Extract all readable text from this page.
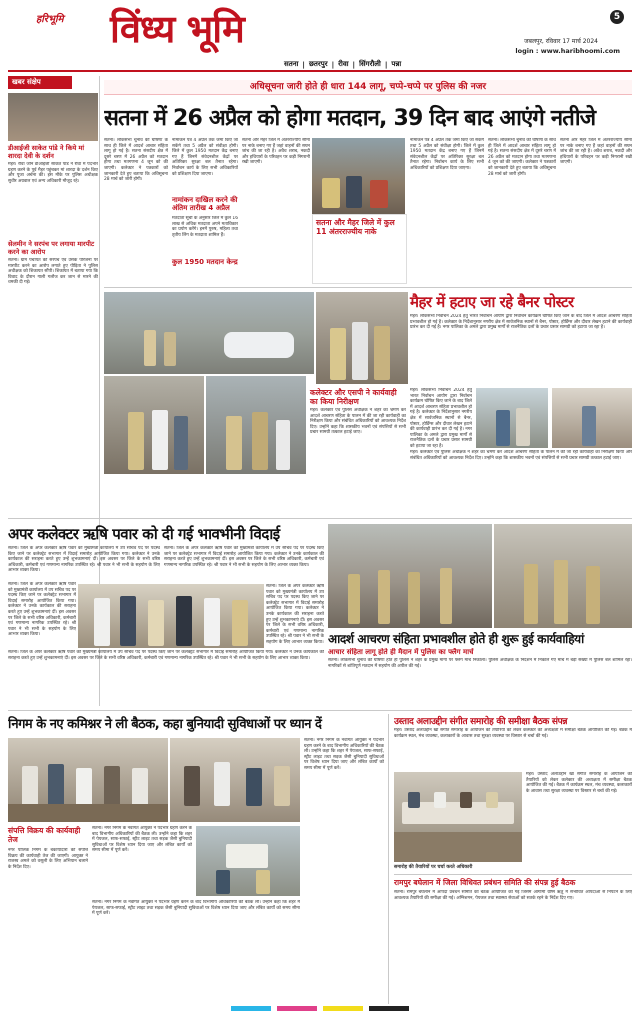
हरिभूमि विंध्य भूमि	5
जबलपुर, रविवार 17 मार्च 2024
login : www.haribhoomi.com
सतना | छतरपुर | रीवा | सिंगरौली | पन्ना
खबर संक्षेप
डीआईजी साकेत पांडे ने किये मां शारदा देवी के दर्शन
मैहर। रीवा जोन डीआईजी साकेत पांडे ने रीवा में पदभार ग्रहण करने के पूर्व मैहर पहुंचकर मां शारदा के दर्शन किए और पूजा अर्चना की। इस मौके पर पुलिस अधीक्षक सुधीर अग्रवाल एवं अन्य अधिकारी मौजूद रहे।
सेलमीन ने सरपंच पर लगाया मारपीट करने का आरोप
सतना। ग्राम पंचायत की सरपंच एवं उसके परिजनों पर मारपीट करने का आरोप लगाते हुए पीड़िता ने पुलिस अधीक्षक को शिकायत सौंपी। शिकायत में बताया गया कि विवाद के दौरान गाली गलौज कर जान से मारने की धमकी दी गई।
अधिसूचना जारी होते ही धारा 144 लागू, चप्पे-चप्पे पर पुलिस की नजर
सतना में 26 अप्रैल को होगा मतदान, 39 दिन बाद आएंगे नतीजे
सतना। लोकसभा चुनाव की घोषणा के साथ ही जिले में आदर्श आचार संहिता लागू हो गई है। सतना संसदीय क्षेत्र में दूसरे चरण में 26 अप्रैल को मतदान होगा तथा मतगणना 4 जून को की जाएगी। कलेक्टर ने पत्रकारों को जानकारी देते हुए बताया कि अधिसूचना 28 मार्च को जारी होगी।
नामांकन पत्र 4 अप्रैल तक जमा किए जा सकेंगे तथा 5 अप्रैल को संवीक्षा होगी। जिले में कुल 1950 मतदान केंद्र बनाए गए हैं जिनमें संवेदनशील केंद्रों पर अतिरिक्त सुरक्षा बल तैनात रहेगा। निर्वाचन कार्य के लिए सभी अधिकारियों को प्रशिक्षण दिया जाएगा।
नामांकन दाखिल करने की अंतिम तारीख 4 अप्रैल
मतदाता सूची के अनुसार जिले में कुल 16 लाख से अधिक मतदाता अपने मताधिकार का प्रयोग करेंगे। इनमें पुरुष, महिला तथा तृतीय लिंग के मतदाता शामिल हैं।
कुल 1950 मतदान केन्द्र
सतना और मैहर जिले में अंतरराज्यीय सीमा पर नाके बनाए गए हैं जहां वाहनों की सघन जांच की जा रही है। अवैध शराब, नकदी और हथियारों के परिवहन पर कड़ी निगरानी रखी जाएगी।
सतना और मैहर जिले में कुल 11 अंतरराज्यीय नाके
नामांकन पत्र 4 अप्रैल तक जमा किए जा सकेंगे तथा 5 अप्रैल को संवीक्षा होगी। जिले में कुल 1950 मतदान केंद्र बनाए गए हैं जिनमें संवेदनशील केंद्रों पर अतिरिक्त सुरक्षा बल तैनात रहेगा। निर्वाचन कार्य के लिए सभी अधिकारियों को प्रशिक्षण दिया जाएगा।
सतना। लोकसभा चुनाव की घोषणा के साथ ही जिले में आदर्श आचार संहिता लागू हो गई है। सतना संसदीय क्षेत्र में दूसरे चरण में 26 अप्रैल को मतदान होगा तथा मतगणना 4 जून को की जाएगी। कलेक्टर ने पत्रकारों को जानकारी देते हुए बताया कि अधिसूचना 28 मार्च को जारी होगी।
सतना और मैहर जिले में अंतरराज्यीय सीमा पर नाके बनाए गए हैं जहां वाहनों की सघन जांच की जा रही है। अवैध शराब, नकदी और हथियारों के परिवहन पर कड़ी निगरानी रखी जाएगी।
मैहर में हटाए जा रहे बैनर पोस्टर
मैहर। लोकसभा निर्वाचन 2024 हेतु भारत निर्वाचन आयोग द्वारा निर्वाचन कार्यक्रम घोषित किए जाने के बाद जिले में आदर्श आचरण संहिता प्रभावशील हो गई है। कलेक्टर के निर्देशानुसार नगरीय क्षेत्र में सार्वजनिक स्थानों से बैनर, पोस्टर, होर्डिंग्स और दीवार लेखन हटाने की कार्यवाही प्रारंभ कर दी गई है। नगर पालिका के अमले द्वारा प्रमुख मार्गों से राजनैतिक दलों के प्रचार प्रसार सामग्री को हटाया जा रहा है।
मैहर। लोकसभा निर्वाचन 2024 हेतु भारत निर्वाचन आयोग द्वारा निर्वाचन कार्यक्रम घोषित किए जाने के बाद जिले में आदर्श आचरण संहिता प्रभावशील हो गई है। कलेक्टर के निर्देशानुसार नगरीय क्षेत्र में सार्वजनिक स्थानों से बैनर, पोस्टर, होर्डिंग्स और दीवार लेखन हटाने की कार्यवाही प्रारंभ कर दी गई है। नगर पालिका के अमले द्वारा प्रमुख मार्गों से राजनैतिक दलों के प्रचार प्रसार सामग्री को हटाया जा रहा है।
मैहर। कलेक्टर एवं पुलिस अधीक्षक ने शहर का भ्रमण कर आदर्श आचरण संहिता के पालन में की जा रही कार्यवाही का निरीक्षण किया और संबंधित अधिकारियों को आवश्यक निर्देश दिए। उन्होंने कहा कि शासकीय भवनों एवं संपत्तियों से सभी प्रचार सामग्री तत्काल हटाई जाए।
कलेक्टर और एसपी ने कार्यवाही का किया निरीक्षण
मैहर। कलेक्टर एवं पुलिस अधीक्षक ने शहर का भ्रमण कर आदर्श आचरण संहिता के पालन में की जा रही कार्यवाही का निरीक्षण किया और संबंधित अधिकारियों को आवश्यक निर्देश दिए। उन्होंने कहा कि शासकीय भवनों एवं संपत्तियों से सभी प्रचार सामग्री तत्काल हटाई जाए।
अपर कलेक्टर ऋषि पवार को दी गई भावभीनी विदाई
सतना। जिले के अपर कलेक्टर ऋषि पवार को मुख्यमंत्री कार्यालय में उप सचिव पद पर पदस्थ किए जाने पर कलेक्ट्रेट सभागार में विदाई समारोह आयोजित किया गया। कलेक्टर ने उनके कार्यकाल की सराहना करते हुए उन्हें शुभकामनाएं दीं। इस अवसर पर जिले के सभी वरिष्ठ अधिकारी, कर्मचारी एवं गणमान्य नागरिक उपस्थित रहे। श्री पवार ने भी सभी के सहयोग के लिए आभार व्यक्त किया।
सतना। जिले के अपर कलेक्टर ऋषि पवार को मुख्यमंत्री कार्यालय में उप सचिव पद पर पदस्थ किए जाने पर कलेक्ट्रेट सभागार में विदाई समारोह आयोजित किया गया। कलेक्टर ने उनके कार्यकाल की सराहना करते हुए उन्हें शुभकामनाएं दीं। इस अवसर पर जिले के सभी वरिष्ठ अधिकारी, कर्मचारी एवं गणमान्य नागरिक उपस्थित रहे। श्री पवार ने भी सभी के सहयोग के लिए आभार व्यक्त किया।
सतना। जिले के अपर कलेक्टर ऋषि पवार को मुख्यमंत्री कार्यालय में उप सचिव पद पर पदस्थ किए जाने पर कलेक्ट्रेट सभागार में विदाई समारोह आयोजित किया गया। कलेक्टर ने उनके कार्यकाल की सराहना करते हुए उन्हें शुभकामनाएं दीं। इस अवसर पर जिले के सभी वरिष्ठ अधिकारी, कर्मचारी एवं गणमान्य नागरिक उपस्थित रहे। श्री पवार ने भी सभी के सहयोग के लिए आभार व्यक्त किया।
सतना। जिले के अपर कलेक्टर ऋषि पवार को मुख्यमंत्री कार्यालय में उप सचिव पद पर पदस्थ किए जाने पर कलेक्ट्रेट सभागार में विदाई समारोह आयोजित किया गया। कलेक्टर ने उनके कार्यकाल की सराहना करते हुए उन्हें शुभकामनाएं दीं। इस अवसर पर जिले के सभी वरिष्ठ अधिकारी, कर्मचारी एवं गणमान्य नागरिक उपस्थित रहे। श्री पवार ने भी सभी के सहयोग के लिए आभार व्यक्त किया।
सतना। जिले के अपर कलेक्टर ऋषि पवार को मुख्यमंत्री कार्यालय में उप सचिव पद पर पदस्थ किए जाने पर कलेक्ट्रेट सभागार में विदाई समारोह आयोजित किया गया। कलेक्टर ने उनके कार्यकाल की सराहना करते हुए उन्हें शुभकामनाएं दीं। इस अवसर पर जिले के सभी वरिष्ठ अधिकारी, कर्मचारी एवं गणमान्य नागरिक उपस्थित रहे। श्री पवार ने भी सभी के सहयोग के लिए आभार व्यक्त किया।
आदर्श आचरण संहिता प्रभावशील होते ही शुरू हुई कार्यवाहियां
आचार संहिता लागू होते ही मैदान में पुलिस का फ्लैग मार्च
सतना। लोकसभा चुनाव की घोषणा होते ही पुलिस ने शहर के प्रमुख मार्गों पर फ्लैग मार्च निकाला। पुलिस अधीक्षक के निर्देशन में निकाले गए मार्च में बड़ी संख्या में पुलिस बल शामिल रहा। नागरिकों से शांतिपूर्ण मतदान में सहयोग की अपील की गई।
निगम के नए कमिश्नर ने ली बैठक, कहा बुनियादी सुविधाओं पर ध्यान दें
सतना। नगर निगम के नवागत आयुक्त ने पदभार ग्रहण करने के बाद विभागीय अधिकारियों की बैठक ली। उन्होंने कहा कि शहर में पेयजल, साफ-सफाई, स्ट्रीट लाइट तथा सड़क जैसी बुनियादी सुविधाओं पर विशेष ध्यान दिया जाए और लंबित कार्यों को समय सीमा में पूर्ण करें।
संपत्ति विक्रय की कार्यवाही तेज
नगर पालिक निगम के बकायादारों की संपत्ति विक्रय की कार्यवाही तेज की जाएगी। आयुक्त ने राजस्व अमले को वसूली के लिए अभियान चलाने के निर्देश दिए।
सतना। नगर निगम के नवागत आयुक्त ने पदभार ग्रहण करने के बाद विभागीय अधिकारियों की बैठक ली। उन्होंने कहा कि शहर में पेयजल, साफ-सफाई, स्ट्रीट लाइट तथा सड़क जैसी बुनियादी सुविधाओं पर विशेष ध्यान दिया जाए और लंबित कार्यों को समय सीमा में पूर्ण करें।
सतना। नगर निगम के नवागत आयुक्त ने पदभार ग्रहण करने के बाद विभागीय अधिकारियों की बैठक ली। उन्होंने कहा कि शहर में पेयजल, साफ-सफाई, स्ट्रीट लाइट तथा सड़क जैसी बुनियादी सुविधाओं पर विशेष ध्यान दिया जाए और लंबित कार्यों को समय सीमा में पूर्ण करें।
उस्ताद अलाउद्दीन संगीत समारोह की समीक्षा बैठक संपन्न
मैहर। उस्ताद अलाउद्दीन खां संगीत समारोह के आयोजन की तैयारियों को लेकर कलेक्टर की अध्यक्षता में समीक्षा बैठक आयोजित की गई। बैठक में कार्यक्रम स्थल, मंच व्यवस्था, कलाकारों के आवास तथा सुरक्षा व्यवस्था पर विस्तार से चर्चा की गई।
मैहर। उस्ताद अलाउद्दीन खां संगीत समारोह के आयोजन की तैयारियों को लेकर कलेक्टर की अध्यक्षता में समीक्षा बैठक आयोजित की गई। बैठक में कार्यक्रम स्थल, मंच व्यवस्था, कलाकारों के आवास तथा सुरक्षा व्यवस्था पर विस्तार से चर्चा की गई।
समारोह की तैयारियों पर चर्चा करते अधिकारी
रामपुर बघेलान में जिला विधिवत प्रबंधन समिति की संपन्न हुई बैठक
सतना। रामपुर बघेलान में आपदा प्रबंधन समिति की बैठक आयोजित की गई जिसमें आगामी ग्रीष्म ऋतु में संभावित आपदाओं से निपटने के लिए आवश्यक तैयारियों की समीक्षा की गई। अग्निशमन, पेयजल तथा स्वास्थ्य सेवाओं को सतर्क रहने के निर्देश दिए गए।
